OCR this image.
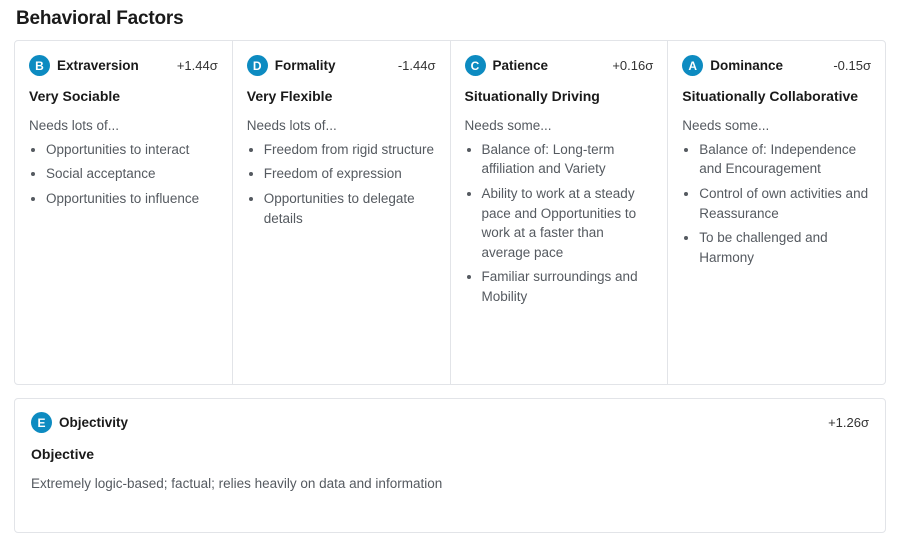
Behavioral Factors
B Extraversion	+1.44σ
Very Sociable
Needs lots of...
• Opportunities to interact
• Social acceptance
• Opportunities to influence
D Formality	-1.44σ
Very Flexible
Needs lots of...
• Freedom from rigid structure
• Freedom of expression
• Opportunities to delegate details
C Patience	+0.16σ
Situationally Driving
Needs some...
• Balance of: Long-term affiliation and Variety
• Ability to work at a steady pace and Opportunities to work at a faster than average pace
• Familiar surroundings and Mobility
A Dominance	-0.15σ
Situationally Collaborative
Needs some...
• Balance of: Independence and Encouragement
• Control of own activities and Reassurance
• To be challenged and Harmony
E	Objectivity	+1.26σ
Objective
Extremely logic-based; factual; relies heavily on data and information
